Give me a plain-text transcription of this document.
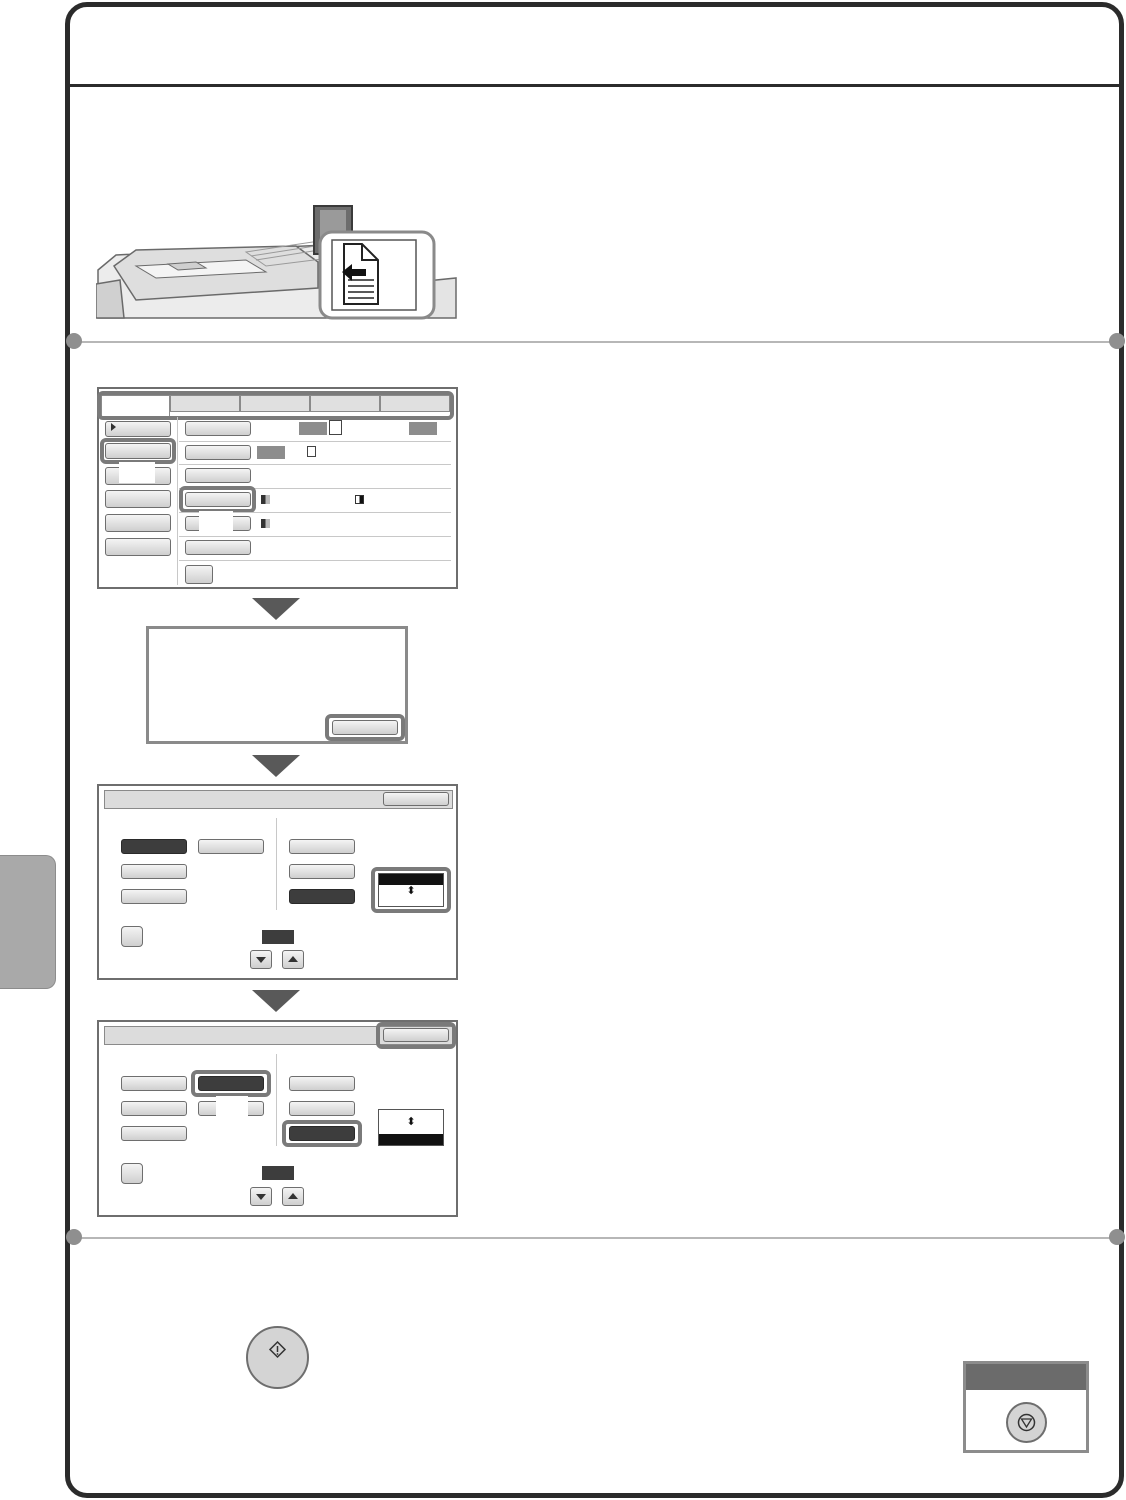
⬍
⬍
